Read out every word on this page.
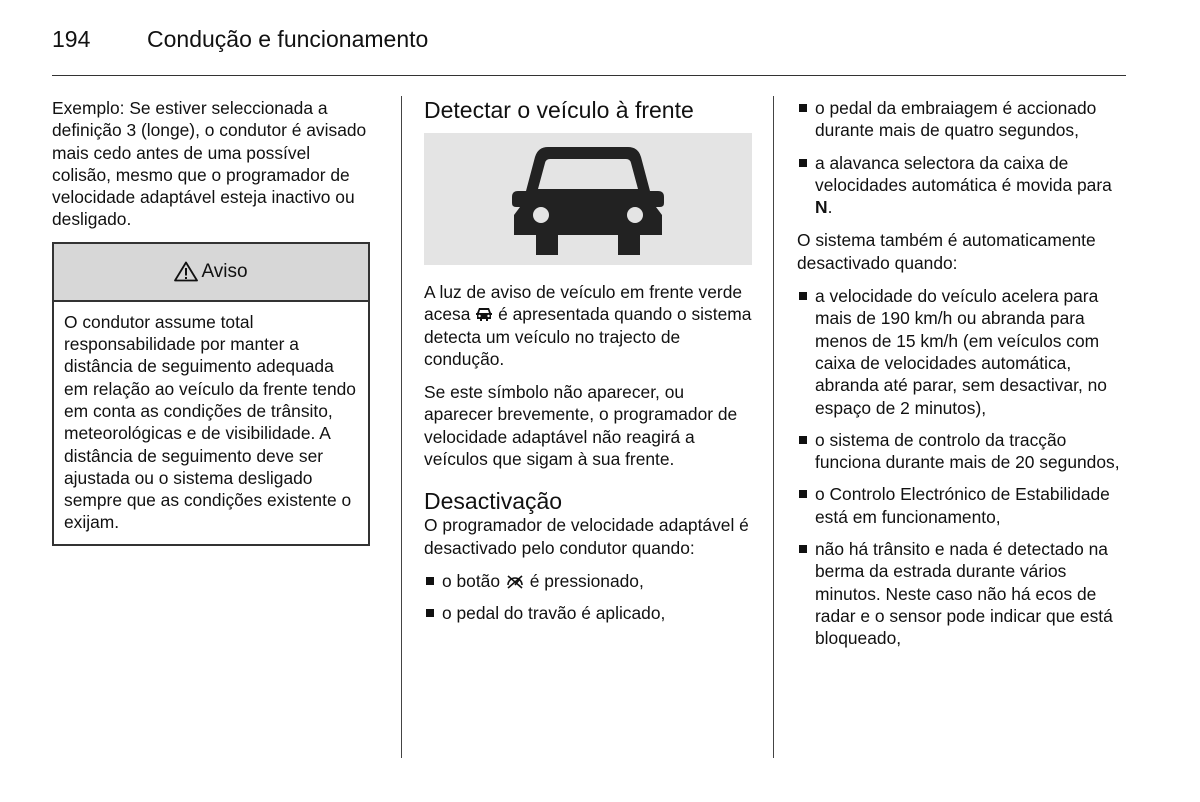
194 Condução e funcionamento

Exemplo: Se estiver seleccionada a definição 3 (longe), o condutor é avisado mais cedo antes de uma possível colisão, mesmo que o programador de velocidade adaptável esteja inactivo ou desligado.

Aviso
O condutor assume total responsabilidade por manter a distância de seguimento adequada em relação ao veículo da frente tendo em conta as condições de trânsito, meteorológicas e de visibilidade. A distância de seguimento deve ser ajustada ou o sistema desligado sempre que as condições existente o exijam.
Detectar o veículo à frente

A luz de aviso de veículo em frente verde acesa é apresentada quando o sistema detecta um veículo no trajecto de condução.

Se este símbolo não aparecer, ou aparecer brevemente, o programador de velocidade adaptável não reagirá a veículos que sigam à sua frente.

Desactivação

O programador de velocidade adaptável é desactivado pelo condutor quando:

o botão é pressionado,
o pedal do travão é aplicado,
o pedal da embraiagem é accionado durante mais de quatro segundos,
a alavanca selectora da caixa de velocidades automática é movida para N.

O sistema também é automaticamente desactivado quando:

a velocidade do veículo acelera para mais de 190 km/h ou abranda para menos de 15 km/h (em veículos com caixa de velocidades automática, abranda até parar, sem desactivar, no espaço de 2 minutos),
o sistema de controlo da tracção funciona durante mais de 20 segundos,
o Controlo Electrónico de Estabilidade está em funcionamento,
não há trânsito e nada é detectado na berma da estrada durante vários minutos. Neste caso não há ecos de radar e o sensor pode indicar que está bloqueado,
